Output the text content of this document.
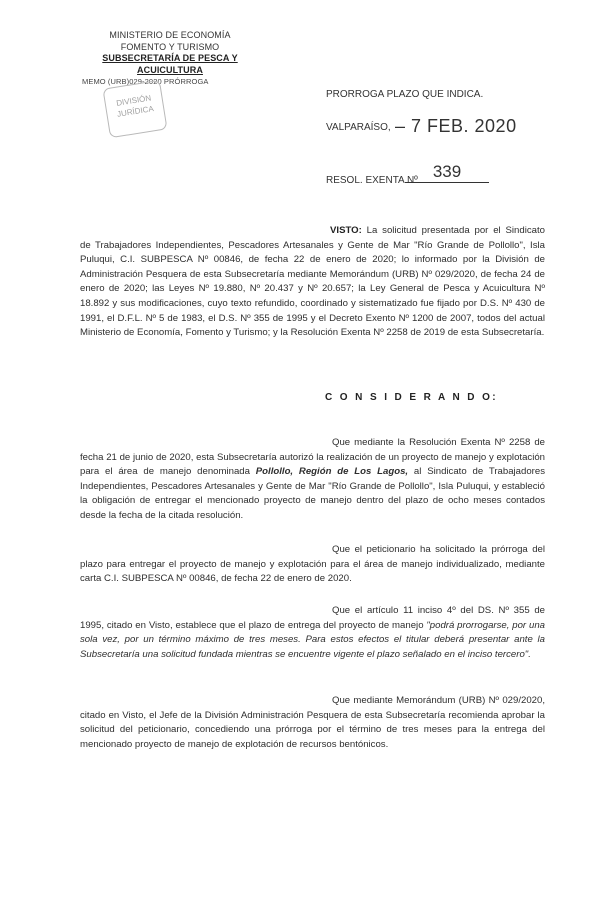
MINISTERIO DE ECONOMÍA
FOMENTO Y TURISMO
SUBSECRETARÍA DE PESCA Y ACUICULTURA
MEMO (URB)029-2020 PRÓRROGA
DIVISIÓN
JURÍDICA
PRORROGA PLAZO QUE INDICA.
VALPARAÍSO, – 7 FEB. 2020
RESOL. EXENTA Nº 339
VISTO: La solicitud presentada por el Sindicato de Trabajadores Independientes, Pescadores Artesanales y Gente de Mar "Río Grande de Pollollo", Isla Puluqui, C.I. SUBPESCA Nº 00846, de fecha 22 de enero de 2020; lo informado por la División de Administración Pesquera de esta Subsecretaría mediante Memorándum (URB) Nº 029/2020, de fecha 24 de enero de 2020; las Leyes Nº 19.880, Nº 20.437 y Nº 20.657; la Ley General de Pesca y Acuicultura Nº 18.892 y sus modificaciones, cuyo texto refundido, coordinado y sistematizado fue fijado por D.S. Nº 430 de 1991, el D.F.L. Nº 5 de 1983, el D.S. Nº 355 de 1995 y el Decreto Exento Nº 1200 de 2007, todos del actual Ministerio de Economía, Fomento y Turismo; y la Resolución Exenta Nº 2258 de 2019 de esta Subsecretaría.
C O N S I D E R A N D O:
Que mediante la Resolución Exenta Nº 2258 de fecha 21 de junio de 2020, esta Subsecretaría autorizó la realización de un proyecto de manejo y explotación para el área de manejo denominada Pollollo, Región de Los Lagos, al Sindicato de Trabajadores Independientes, Pescadores Artesanales y Gente de Mar "Río Grande de Pollollo", Isla Puluqui, y estableció la obligación de entregar el mencionado proyecto de manejo dentro del plazo de ocho meses contados desde la fecha de la citada resolución.
Que el peticionario ha solicitado la prórroga del plazo para entregar el proyecto de manejo y explotación para el área de manejo individualizado, mediante carta C.I. SUBPESCA Nº 00846, de fecha 22 de enero de 2020.
Que el artículo 11 inciso 4º del DS. Nº 355 de 1995, citado en Visto, establece que el plazo de entrega del proyecto de manejo "podrá prorrogarse, por una sola vez, por un término máximo de tres meses. Para estos efectos el titular deberá presentar ante la Subsecretaría una solicitud fundada mientras se encuentre vigente el plazo señalado en el inciso tercero".
Que mediante Memorándum (URB) Nº 029/2020, citado en Visto, el Jefe de la División Administración Pesquera de esta Subsecretaría recomienda aprobar la solicitud del peticionario, concediendo una prórroga por el término de tres meses para la entrega del mencionado proyecto de manejo de explotación de recursos bentónicos.
